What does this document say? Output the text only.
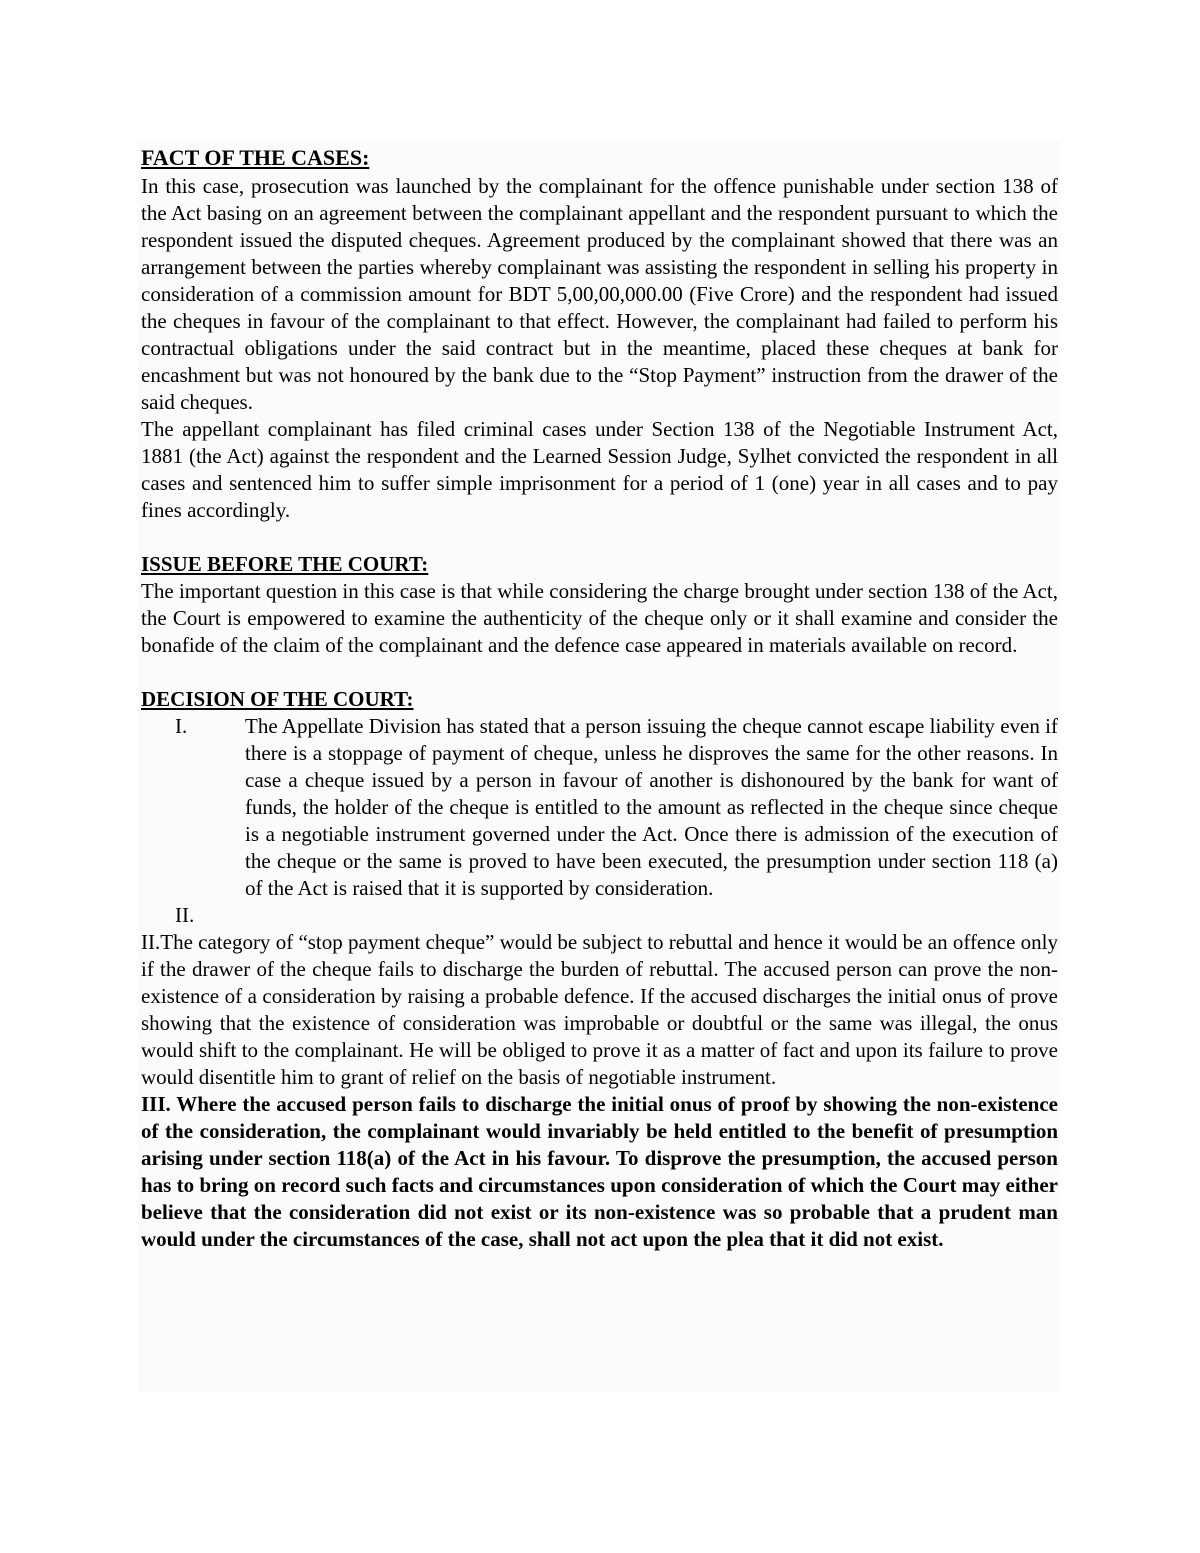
FACT OF THE CASES:

In this case, prosecution was launched by the complainant for the offence punishable under section 138 of the Act basing on an agreement between the complainant appellant and the respondent pursuant to which the respondent issued the disputed cheques. Agreement produced by the complainant showed that there was an arrangement between the parties whereby complainant was assisting the respondent in selling his property in consideration of a commission amount for BDT 5,00,00,000.00 (Five Crore) and the respondent had issued the cheques in favour of the complainant to that effect. However, the complainant had failed to perform his contractual obligations under the said contract but in the meantime, placed these cheques at bank for encashment but was not honoured by the bank due to the “Stop Payment” instruction from the drawer of the said cheques.

The appellant complainant has filed criminal cases under Section 138 of the Negotiable Instrument Act, 1881 (the Act) against the respondent and the Learned Session Judge, Sylhet convicted the respondent in all cases and sentenced him to suffer simple imprisonment for a period of 1 (one) year in all cases and to pay fines accordingly.

ISSUE BEFORE THE COURT:

The important question in this case is that while considering the charge brought under section 138 of the Act, the Court is empowered to examine the authenticity of the cheque only or it shall examine and consider the bonafide of the claim of the complainant and the defence case appeared in materials available on record.

DECISION OF THE COURT:

I.	The Appellate Division has stated that a person issuing the cheque cannot escape liability even if there is a stoppage of payment of cheque, unless he disproves the same for the other reasons. In case a cheque issued by a person in favour of another is dishonoured by the bank for want of funds, the holder of the cheque is entitled to the amount as reflected in the cheque since cheque is a negotiable instrument governed under the Act. Once there is admission of the execution of the cheque or the same is proved to have been executed, the presumption under section 118 (a) of the Act is raised that it is supported by consideration.
II.

II.The category of “stop payment cheque” would be subject to rebuttal and hence it would be an offence only if the drawer of the cheque fails to discharge the burden of rebuttal. The accused person can prove the non-existence of a consideration by raising a probable defence. If the accused discharges the initial onus of prove showing that the existence of consideration was improbable or doubtful or the same was illegal, the onus would shift to the complainant. He will be obliged to prove it as a matter of fact and upon its failure to prove would disentitle him to grant of relief on the basis of negotiable instrument.

III. Where the accused person fails to discharge the initial onus of proof by showing the non-existence of the consideration, the complainant would invariably be held entitled to the benefit of presumption arising under section 118(a) of the Act in his favour. To disprove the presumption, the accused person has to bring on record such facts and circumstances upon consideration of which the Court may either believe that the consideration did not exist or its non-existence was so probable that a prudent man would under the circumstances of the case, shall not act upon the plea that it did not exist.
